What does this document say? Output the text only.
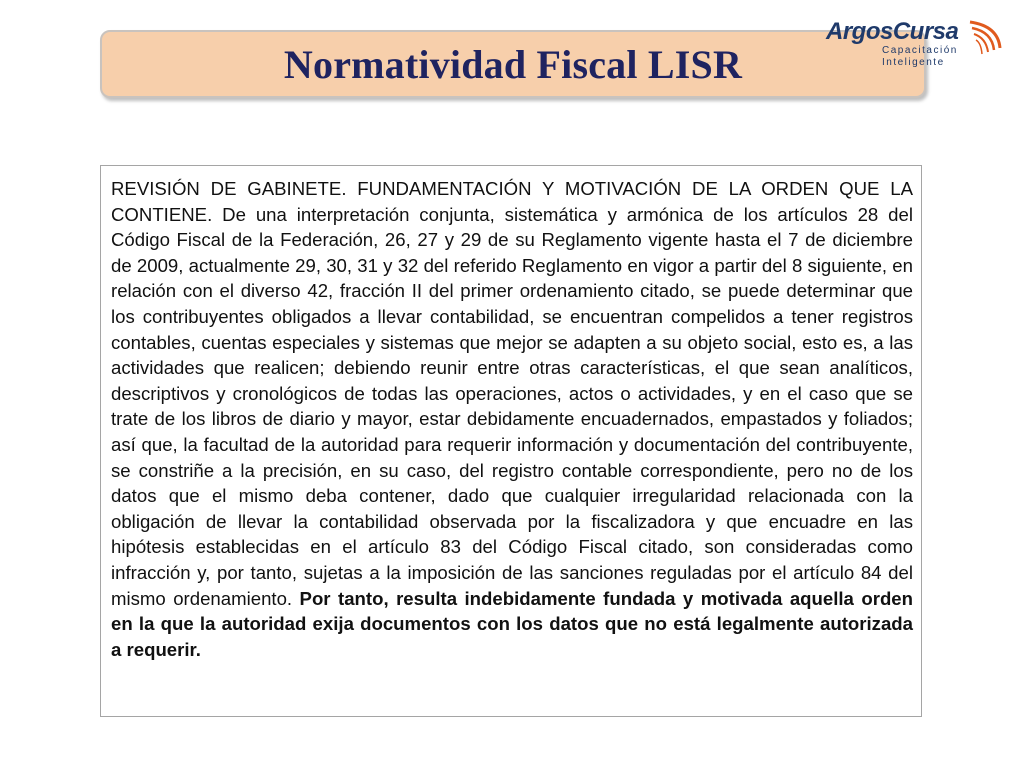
Normatividad Fiscal LISR
ArgosCursa
Capacitación
Inteligente

REVISIÓN DE GABINETE. FUNDAMENTACIÓN Y MOTIVACIÓN DE LA ORDEN QUE LA CONTIENE. De una interpretación conjunta, sistemática y armónica de los artículos 28 del Código Fiscal de la Federación, 26, 27 y 29 de su Reglamento vigente hasta el 7 de diciembre de 2009, actualmente 29, 30, 31 y 32 del referido Reglamento en vigor a partir del 8 siguiente, en relación con el diverso 42, fracción II del primer ordenamiento citado, se puede determinar que los contribuyentes obligados a llevar contabilidad, se encuentran compelidos a tener registros contables, cuentas especiales y sistemas que mejor se adapten a su objeto social, esto es, a las actividades que realicen; debiendo reunir entre otras características, el que sean analíticos, descriptivos y cronológicos de todas las operaciones, actos o actividades, y en el caso que se trate de los libros de diario y mayor, estar debidamente encuadernados, empastados y foliados; así que, la facultad de la autoridad para requerir información y documentación del contribuyente, se constriñe a la precisión, en su caso, del registro contable correspondiente, pero no de los datos que el mismo deba contener, dado que cualquier irregularidad relacionada con la obligación de llevar la contabilidad observada por la fiscalizadora y que encuadre en las hipótesis establecidas en el artículo 83 del Código Fiscal citado, son consideradas como infracción y, por tanto, sujetas a la imposición de las sanciones reguladas por el artículo 84 del mismo ordenamiento. Por tanto, resulta indebidamente fundada y motivada aquella orden en la que la autoridad exija documentos con los datos que no está legalmente autorizada a requerir.
